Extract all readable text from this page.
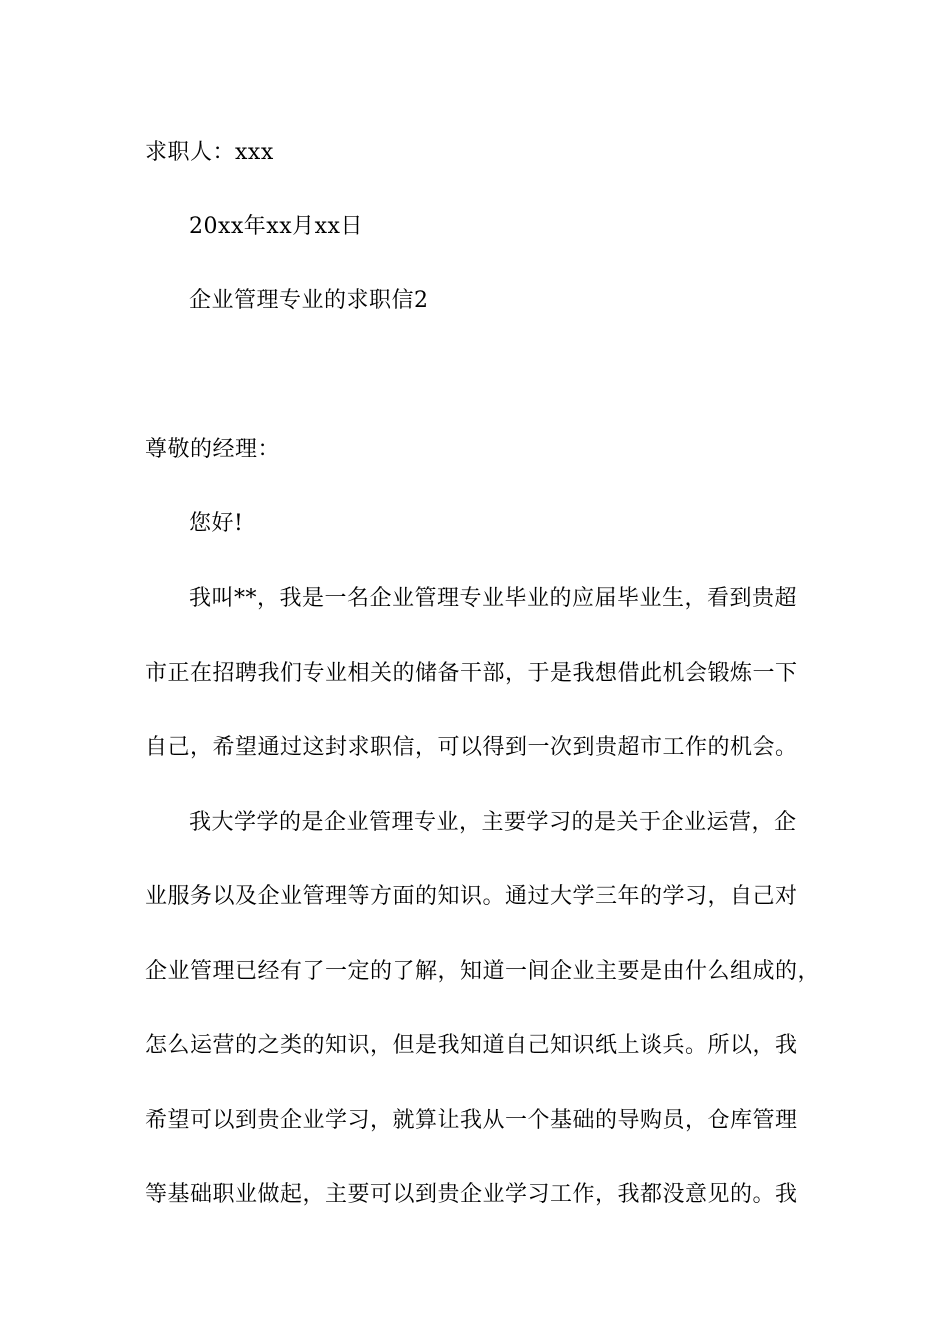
求职人：xxx
20xx年xx月xx日
企业管理专业的求职信2
尊敬的经理：
您好!
我叫**，我是一名企业管理专业毕业的应届毕业生，看到贵超
市正在招聘我们专业相关的储备干部，于是我想借此机会锻炼一下
自己，希望通过这封求职信，可以得到一次到贵超市工作的机会。
我大学学的是企业管理专业，主要学习的是关于企业运营，企
业服务以及企业管理等方面的知识。通过大学三年的学习，自己对
企业管理已经有了一定的了解，知道一间企业主要是由什么组成的，
怎么运营的之类的知识，但是我知道自己知识纸上谈兵。所以，我
希望可以到贵企业学习，就算让我从一个基础的导购员，仓库管理
等基础职业做起，主要可以到贵企业学习工作，我都没意见的。我
